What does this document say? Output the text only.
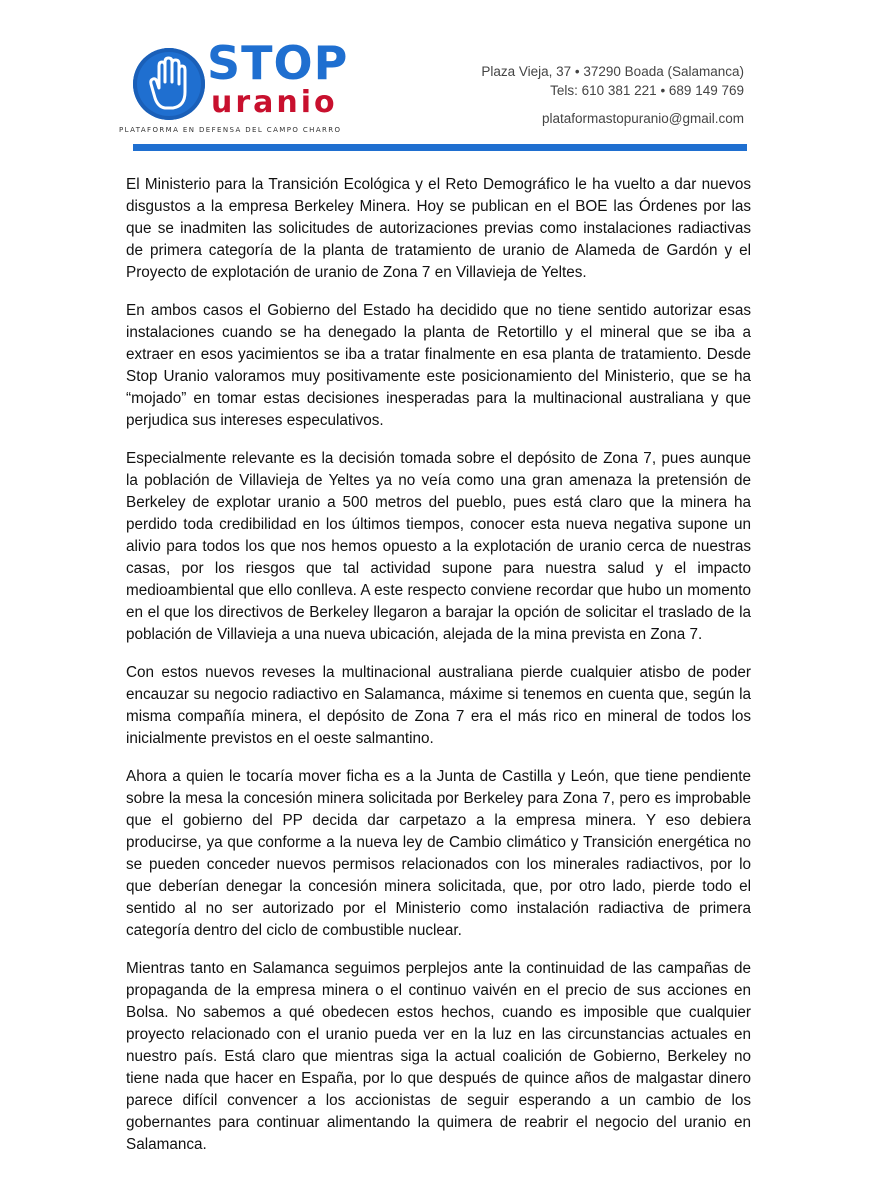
STOP
uranio
PLATAFORMA EN DEFENSA DEL CAMPO CHARRO
Plaza Vieja, 37 • 37290 Boada (Salamanca)
Tels: 610 381 221 • 689 149 769
plataformastopuranio@gmail.com

El Ministerio para la Transición Ecológica y el Reto Demográfico le ha vuelto a dar nuevos disgustos a la empresa Berkeley Minera. Hoy se publican en el BOE las Órdenes por las que se inadmiten las solicitudes de autorizaciones previas como instalaciones radiactivas de primera categoría de la planta de tratamiento de uranio de Alameda de Gardón y el Proyecto de explotación de uranio de Zona 7 en Villavieja de Yeltes.

En ambos casos el Gobierno del Estado ha decidido que no tiene sentido autorizar esas instalaciones cuando se ha denegado la planta de Retortillo y el mineral que se iba a extraer en esos yacimientos se iba a tratar finalmente en esa planta de tratamiento. Desde Stop Uranio valoramos muy positivamente este posicionamiento del Ministerio, que se ha “mojado” en tomar estas decisiones inesperadas para la multinacional australiana y que perjudica sus intereses especulativos.

Especialmente relevante es la decisión tomada sobre el depósito de Zona 7, pues aunque la población de Villavieja de Yeltes ya no veía como una gran amenaza la pretensión de Berkeley de explotar uranio a 500 metros del pueblo, pues está claro que la minera ha perdido toda credibilidad en los últimos tiempos, conocer esta nueva negativa supone un alivio para todos los que nos hemos opuesto a la explotación de uranio cerca de nuestras casas, por los riesgos que tal actividad supone para nuestra salud y el impacto medioambiental que ello conlleva. A este respecto conviene recordar que hubo un momento en el que los directivos de Berkeley llegaron a barajar la opción de solicitar el traslado de la población de Villavieja a una nueva ubicación, alejada de la mina prevista en Zona 7.

Con estos nuevos reveses la multinacional australiana pierde cualquier atisbo de poder encauzar su negocio radiactivo en Salamanca, máxime si tenemos en cuenta que, según la misma compañía minera, el depósito de Zona 7 era el más rico en mineral de todos los inicialmente previstos en el oeste salmantino.

Ahora a quien le tocaría mover ficha es a la Junta de Castilla y León, que tiene pendiente sobre la mesa la concesión minera solicitada por Berkeley para Zona 7, pero es improbable que el gobierno del PP decida dar carpetazo a la empresa minera. Y eso debiera producirse, ya que conforme a la nueva ley de Cambio climático y Transición energética no se pueden conceder nuevos permisos relacionados con los minerales radiactivos, por lo que deberían denegar la concesión minera solicitada, que, por otro lado, pierde todo el sentido al no ser autorizado por el Ministerio como instalación radiactiva de primera categoría dentro del ciclo de combustible nuclear.

Mientras tanto en Salamanca seguimos perplejos ante la continuidad de las campañas de propaganda de la empresa minera o el continuo vaivén en el precio de sus acciones en Bolsa. No sabemos a qué obedecen estos hechos, cuando es imposible que cualquier proyecto relacionado con el uranio pueda ver en la luz en las circunstancias actuales en nuestro país. Está claro que mientras siga la actual coalición de Gobierno, Berkeley no tiene nada que hacer en España, por lo que después de quince años de malgastar dinero parece difícil convencer a los accionistas de seguir esperando a un cambio de los gobernantes para continuar alimentando la quimera de reabrir el negocio del uranio en Salamanca.
